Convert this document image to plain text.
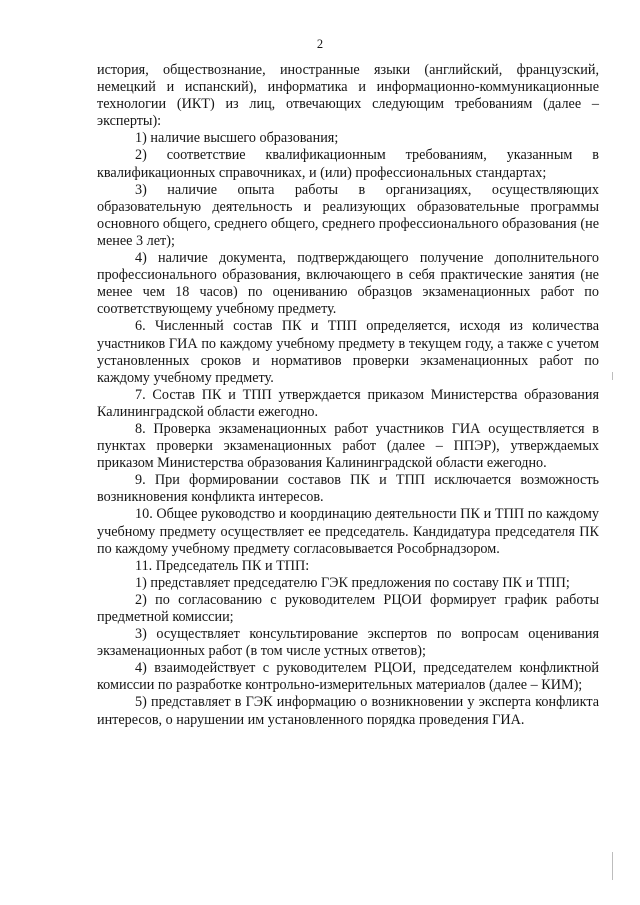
2

история, обществознание, иностранные языки (английский, французский, немецкий и испанский), информатика и информационно-коммуникационные технологии (ИКТ) из лиц, отвечающих следующим требованиям (далее – эксперты):

1) наличие высшего образования;

2) соответствие квалификационным требованиям, указанным в квалификационных справочниках, и (или) профессиональных стандартах;

3) наличие опыта работы в организациях, осуществляющих образовательную деятельность и реализующих образовательные программы основного общего, среднего общего, среднего профессионального образования (не менее 3 лет);

4) наличие документа, подтверждающего получение дополнительного профессионального образования, включающего в себя практические занятия (не менее чем 18 часов) по оцениванию образцов экзаменационных работ по соответствующему учебному предмету.

6. Численный состав ПК и ТПП определяется, исходя из количества участников ГИА по каждому учебному предмету в текущем году, а также с учетом установленных сроков и нормативов проверки экзаменационных работ по каждому учебному предмету.

7. Состав ПК и ТПП утверждается приказом Министерства образования Калининградской области ежегодно.

8. Проверка экзаменационных работ участников ГИА осуществляется в пунктах проверки экзаменационных работ (далее – ППЭР), утверждаемых приказом Министерства образования Калининградской области ежегодно.

9. При формировании составов ПК и ТПП исключается возможность возникновения конфликта интересов.

10. Общее руководство и координацию деятельности ПК и ТПП по каждому учебному предмету осуществляет ее председатель. Кандидатура председателя ПК по каждому учебному предмету согласовывается Рособрнадзором.

11. Председатель ПК и ТПП:

1) представляет председателю ГЭК предложения по составу ПК и ТПП;

2) по согласованию с руководителем РЦОИ формирует график работы предметной комиссии;

3) осуществляет консультирование экспертов по вопросам оценивания экзаменационных работ (в том числе устных ответов);

4) взаимодействует с руководителем РЦОИ, председателем конфликтной комиссии по разработке контрольно-измерительных материалов (далее – КИМ);

5) представляет в ГЭК информацию о возникновении у эксперта конфликта интересов, о нарушении им установленного порядка проведения ГИА.
